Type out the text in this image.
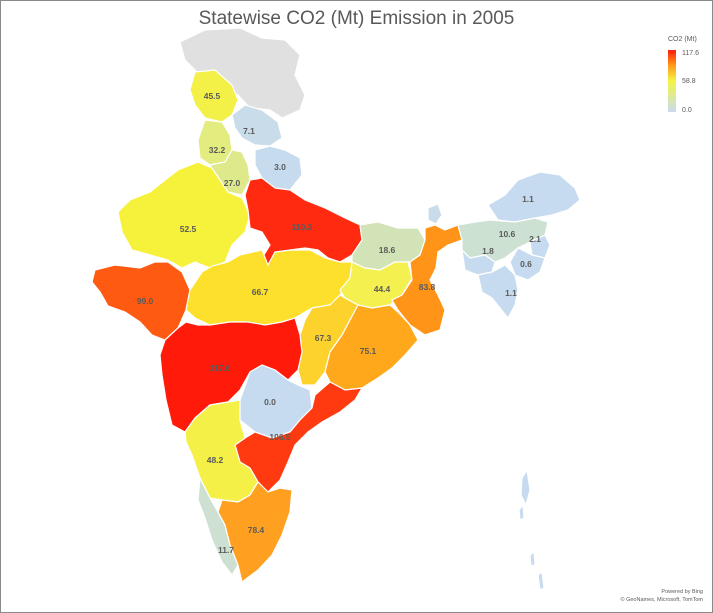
Statewise CO2 (Mt) Emission in 2005
45.5
7.1
32.2
3.0
27.0
52.5	110.3
18.6
99.0
66.7	44.4	83.8
67.3
75.1
117.6
0.0
106.5
48.2
11.7
78.4
1.1
10.6 2.1
1.8
0.6
1.1
CO2 (Mt)
117.6
58.8
0.0
Powered by Bing
© GeoNames, Microsoft, TomTom
